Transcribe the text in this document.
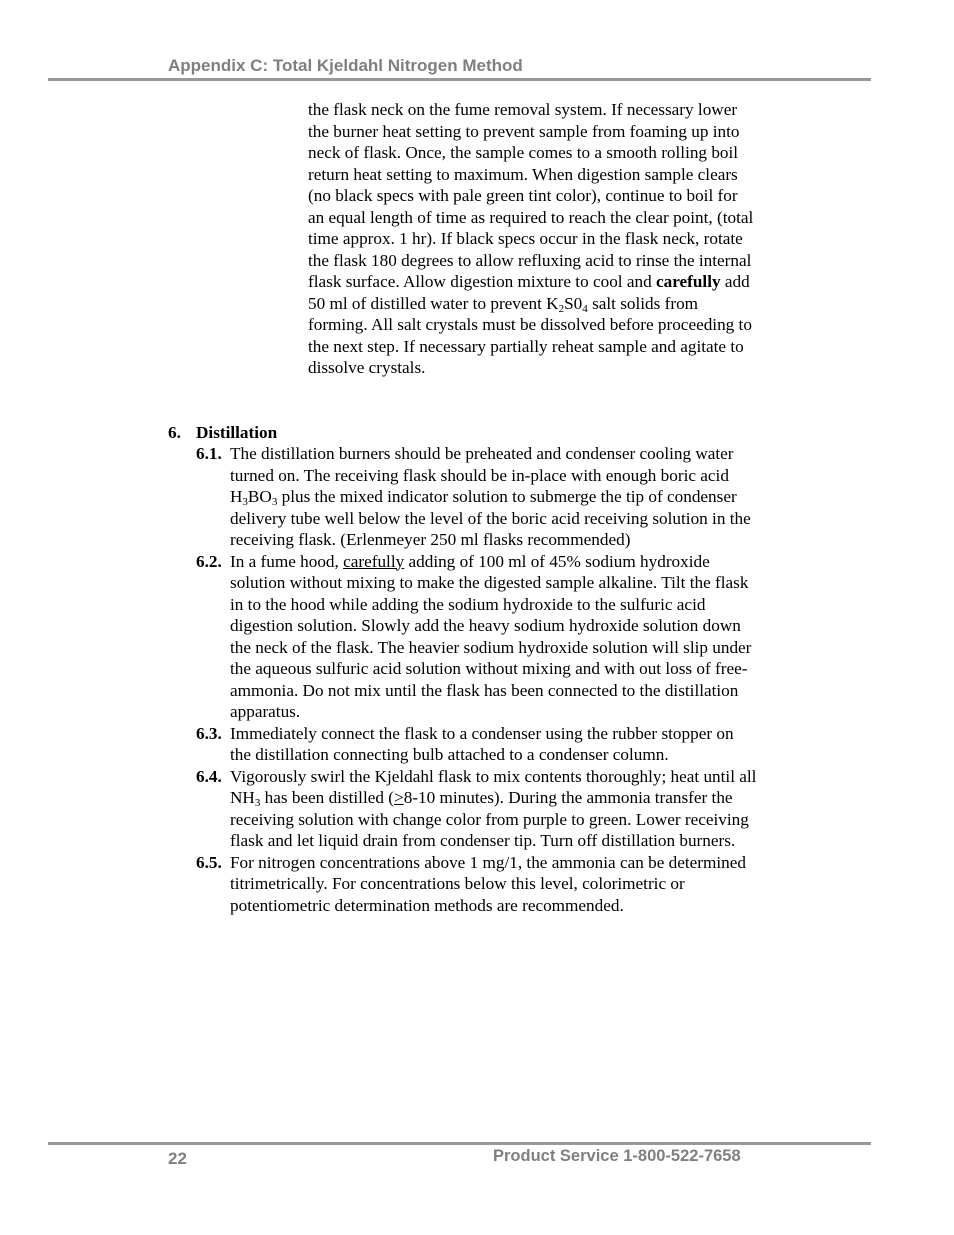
Appendix C: Total Kjeldahl Nitrogen Method
the flask neck on the fume removal system. If necessary lower the burner heat setting to prevent sample from foaming up into neck of flask. Once, the sample comes to a smooth rolling boil return heat setting to maximum. When digestion sample clears (no black specs with pale green tint color), continue to boil for an equal length of time as required to reach the clear point, (total time approx. 1 hr). If black specs occur in the flask neck, rotate the flask 180 degrees to allow refluxing acid to rinse the internal flask surface. Allow digestion mixture to cool and carefully add 50 ml of distilled water to prevent $K_2S0_4$ salt solids from forming. All salt crystals must be dissolved before proceeding to the next step. If necessary partially reheat sample and agitate to dissolve crystals.
6. Distillation
6.1. The distillation burners should be preheated and condenser cooling water turned on. The receiving flask should be in-place with enough boric acid $H_3BO_3$ plus the mixed indicator solution to submerge the tip of condenser delivery tube well below the level of the boric acid receiving solution in the receiving flask. (Erlenmeyer 250 ml flasks recommended)
6.2. In a fume hood, carefully adding of 100 ml of 45% sodium hydroxide solution without mixing to make the digested sample alkaline. Tilt the flask in to the hood while adding the sodium hydroxide to the sulfuric acid digestion solution. Slowly add the heavy sodium hydroxide solution down the neck of the flask. The heavier sodium hydroxide solution will slip under the aqueous sulfuric acid solution without mixing and with out loss of free-ammonia. Do not mix until the flask has been connected to the distillation apparatus.
6.3. Immediately connect the flask to a condenser using the rubber stopper on the distillation connecting bulb attached to a condenser column.
6.4. Vigorously swirl the Kjeldahl flask to mix contents thoroughly; heat until all $NH_3$ has been distilled (≥8-10 minutes). During the ammonia transfer the receiving solution with change color from purple to green. Lower receiving flask and let liquid drain from condenser tip. Turn off distillation burners.
6.5. For nitrogen concentrations above 1 mg/1, the ammonia can be determined titrimetrically. For concentrations below this level, colorimetric or potentiometric determination methods are recommended.
22	Product Service 1-800-522-7658
